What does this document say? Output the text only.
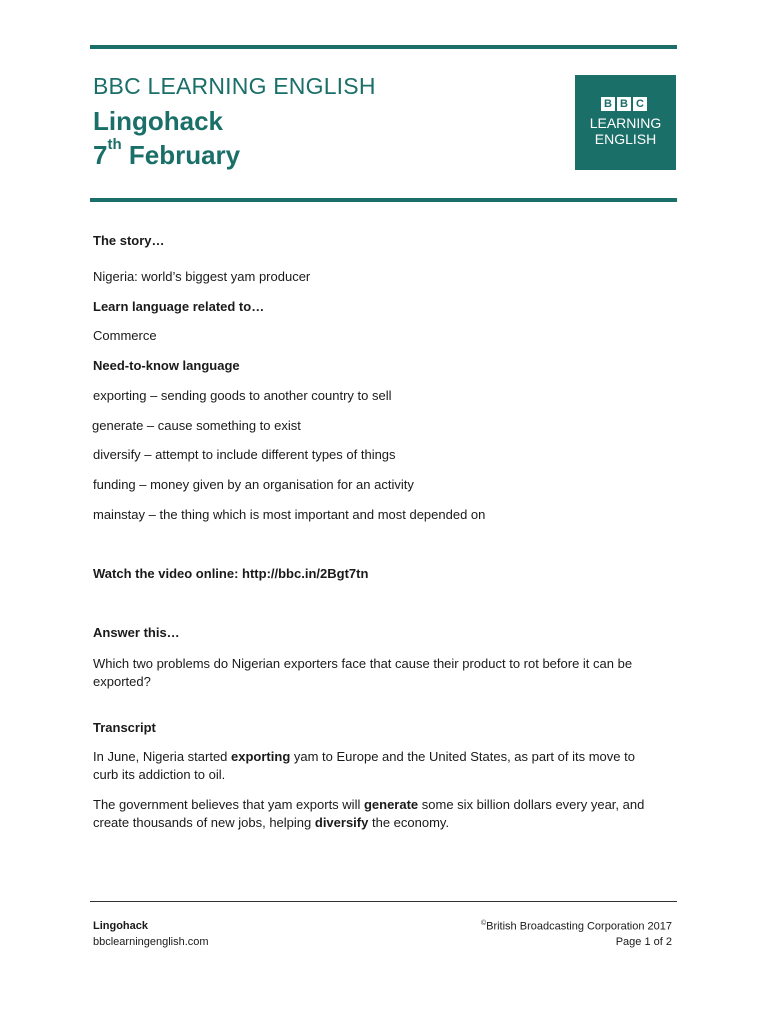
BBC LEARNING ENGLISH
Lingohack
7th February
B B C
LEARNING
ENGLISH

The story…

Nigeria: world’s biggest yam producer

Learn language related to…

Commerce

Need-to-know language

exporting – sending goods to another country to sell

generate – cause something to exist

diversify – attempt to include different types of things

funding – money given by an organisation for an activity

mainstay – the thing which is most important and most depended on

Watch the video online: http://bbc.in/2Bgt7tn

Answer this…

Which two problems do Nigerian exporters face that cause their product to rot before it can be exported?

Transcript

In June, Nigeria started exporting yam to Europe and the United States, as part of its move to curb its addiction to oil.

The government believes that yam exports will generate some six billion dollars every year, and create thousands of new jobs, helping diversify the economy.

Lingohack
bbclearningenglish.com
©British Broadcasting Corporation 2017
Page 1 of 2
